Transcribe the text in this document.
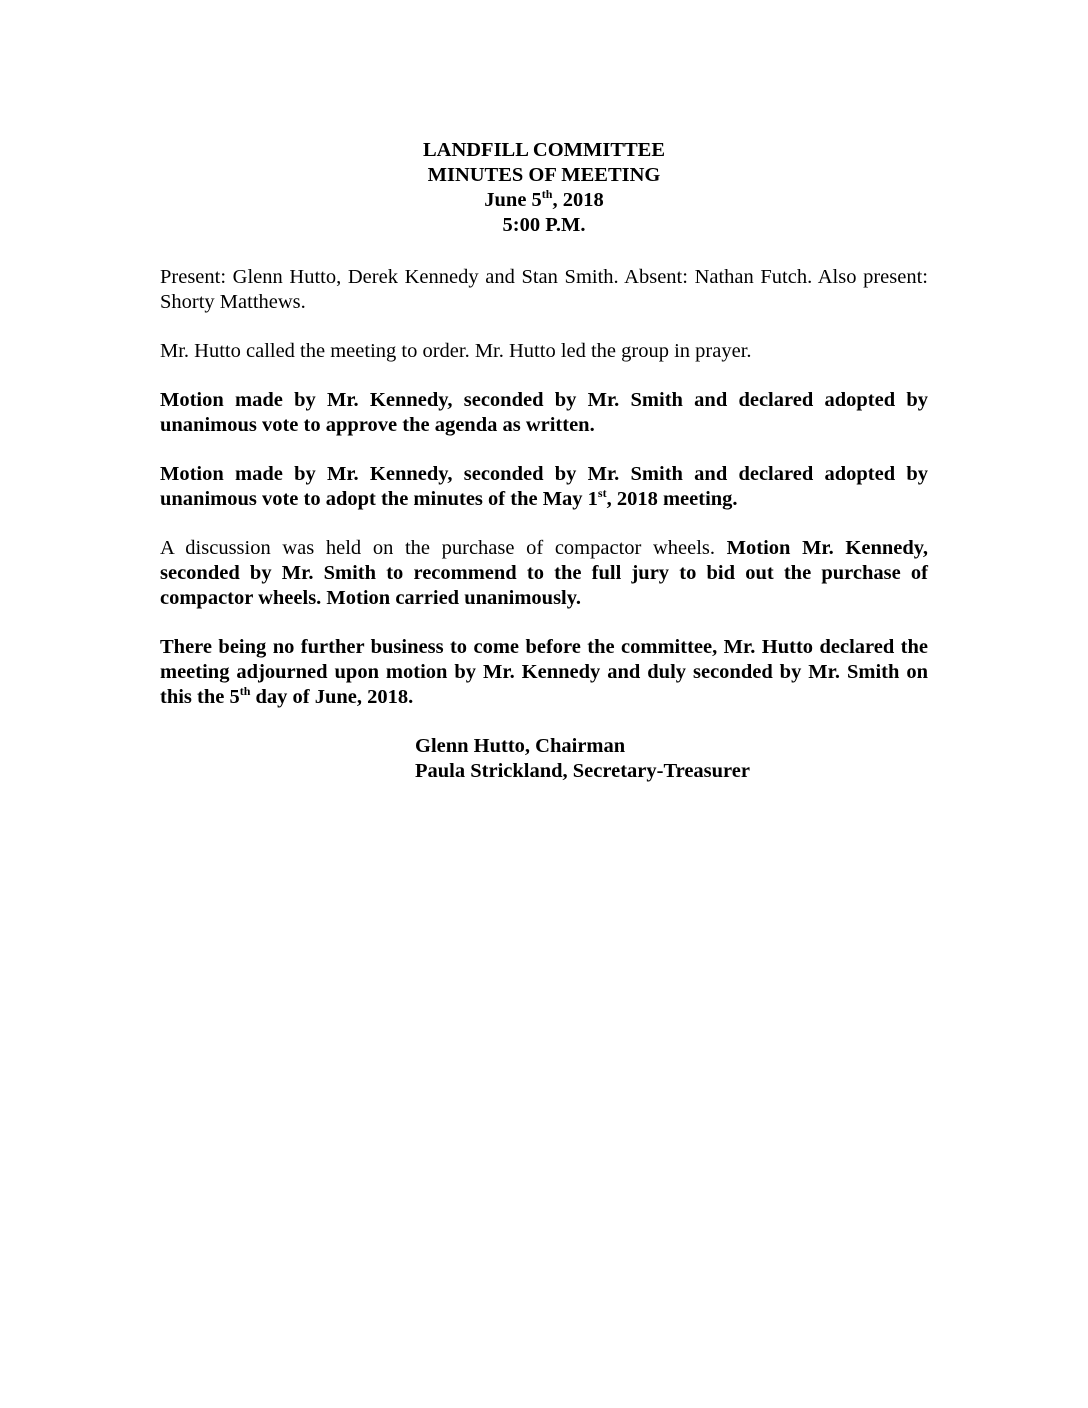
LANDFILL COMMITTEE
MINUTES OF MEETING
June 5th, 2018
5:00 P.M.

Present: Glenn Hutto, Derek Kennedy and Stan Smith. Absent: Nathan Futch. Also present: Shorty Matthews.

Mr. Hutto called the meeting to order. Mr. Hutto led the group in prayer.

Motion made by Mr. Kennedy, seconded by Mr. Smith and declared adopted by unanimous vote to approve the agenda as written.

Motion made by Mr. Kennedy, seconded by Mr. Smith and declared adopted by unanimous vote to adopt the minutes of the May 1st, 2018 meeting.

A discussion was held on the purchase of compactor wheels. Motion Mr. Kennedy, seconded by Mr. Smith to recommend to the full jury to bid out the purchase of compactor wheels. Motion carried unanimously.

There being no further business to come before the committee, Mr. Hutto declared the meeting adjourned upon motion by Mr. Kennedy and duly seconded by Mr. Smith on this the 5th day of June, 2018.

Glenn Hutto, Chairman
Paula Strickland, Secretary-Treasurer
